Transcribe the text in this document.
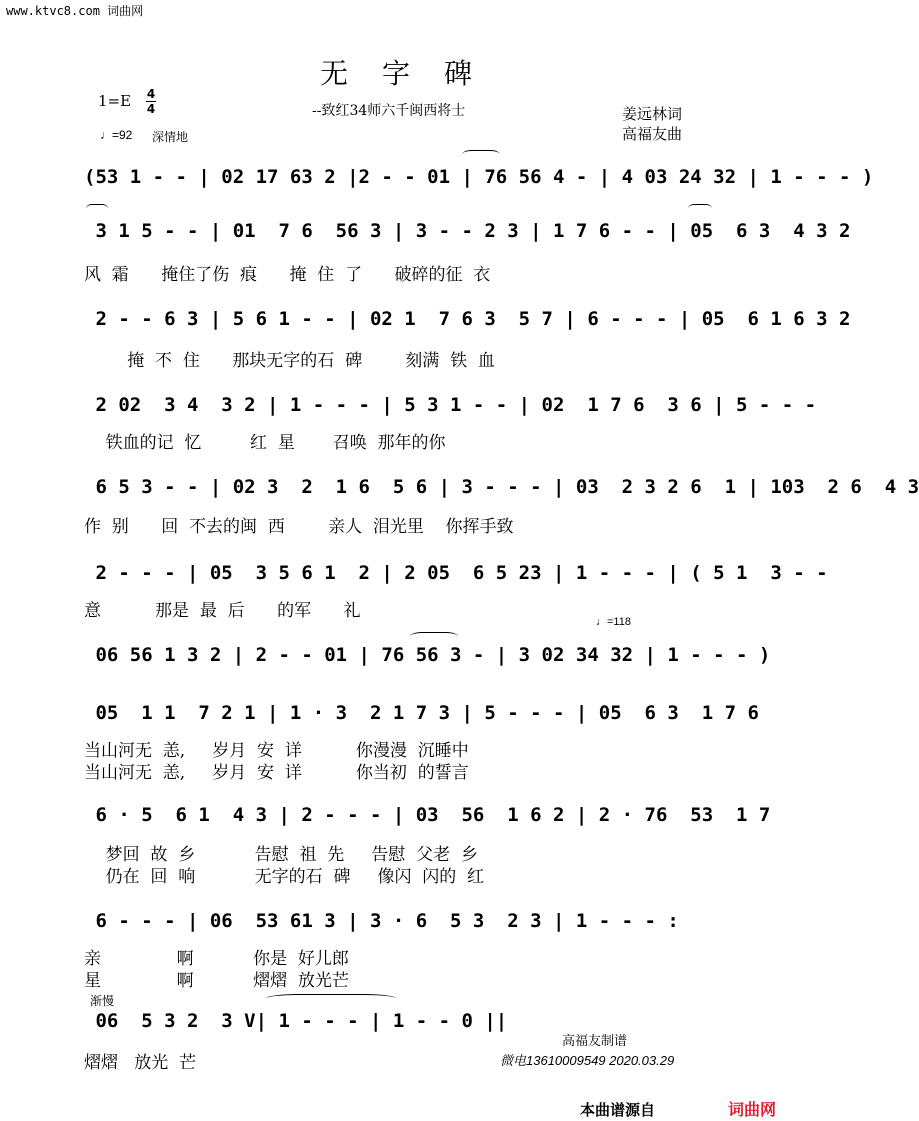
www.ktvc8.com 词曲网
无字碑
--致红34师六千闽西将士
1=E 4
4
♩=92 深情地
姜远林词
高福友曲
(53 1 - - | 02 17 63 2 |2 - - 01 | 76 56 4 - | 4 03 24 32 | 1 - - - )
3 1 5 - - | 01  7 6  56 3 | 3 - - 2 3 | 1 7 6 - - | 05  6 3  4 3 2
风  霜      掩住了伤  痕      掩  住  了      破碎的征  衣
2 - - 6 3 | 5 6 1 - - | 02 1  7 6 3  5 7 | 6 - - - | 05  6 1 6 3 2
掩  不  住      那块无字的石  碑        刻满  铁  血
2 02  3 4  3 2 | 1 - - - | 5 3 1 - - | 02  1 7 6  3 6 | 5 - - -
铁血的记  忆         红  星       召唤  那年的你
6 5 3 - - | 02 3  2  1 6  5 6 | 3 - - - | 03  2 3 2 6  1 | 103  2 6  4 3
作  别      回  不去的闽  西        亲人  泪光里    你挥手致
2 - - - | 05  3 5 6 1  2 | 2 05  6 5 23 | 1 - - - | ( 5 1  3 - -
意          那是  最  后      的军      礼
♩=118
06 56 1 3 2 | 2 - - 01 | 76 56 3 - | 3 02 34 32 | 1 - - - )
05  1 1  7 2 1 | 1 · 3  2 1 7 3 | 5 - - - | 05  6 3  1 7 6
当山河无  恙,     岁月  安  详          你漫漫  沉睡中
当山河无  恙,     岁月  安  详          你当初  的誓言
6 · 5  6 1  4 3 | 2 - - - | 03  56  1 6 2 | 2 · 76  53  1 7
梦回  故  乡           告慰  祖  先     告慰  父老  乡
仍在  回  响           无字的石  碑     像闪  闪的  红
6 - - - | 06  53 61 3 | 3 · 6  5 3  2 3 | 1 - - - :
亲              啊           你是  好儿郎
星              啊           熠熠  放光芒
渐慢
06  5 3 2  3 V| 1 - - - | 1 - - 0 ||
熠熠   放光  芒
高福友制谱
微电13610009549 2020.03.29
本曲谱源自	词曲网
